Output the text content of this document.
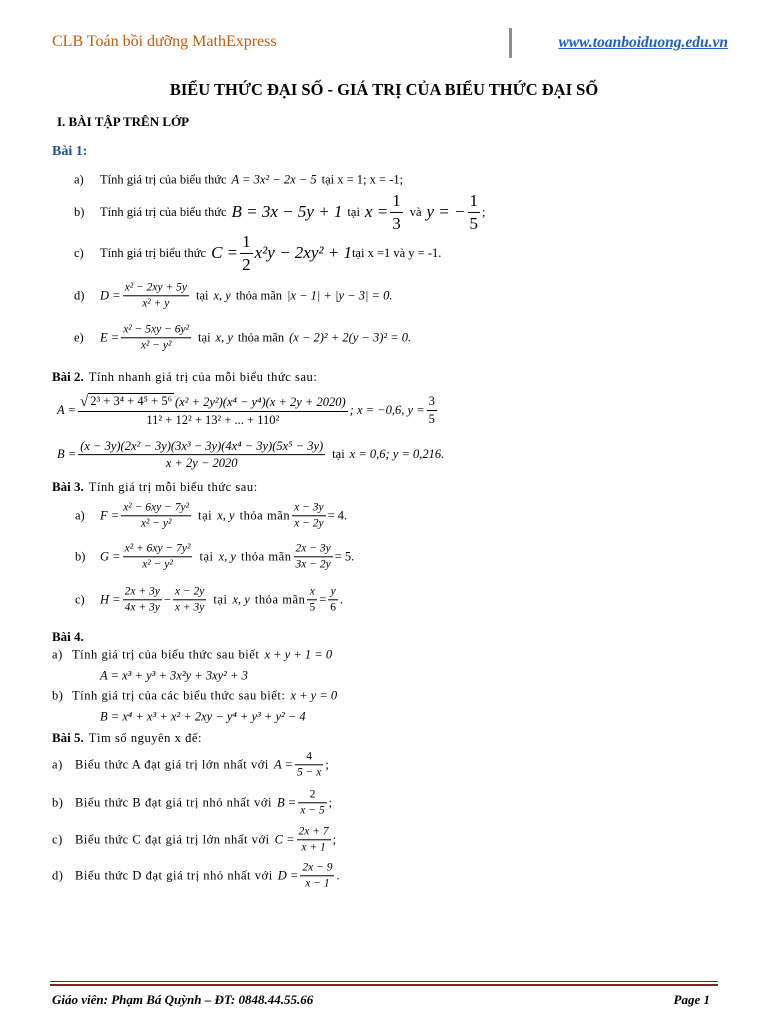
CLB Toán bồi dưỡng MathExpress	www.toanboiduong.edu.vn
BIỂU THỨC ĐẠI SỐ - GIÁ TRỊ CỦA BIỂU THỨC ĐẠI SỐ
I. BÀI TẬP TRÊN LỚP
Bài 1:
a)	Tính giá trị của biểu thức A = 3x² − 2x − 5 tại x = 1; x = -1;
b)	Tính giá trị của biểu thức B = 3x − 5y + 1 tại $x = \frac{1}{3}$ và y = − $\frac{1}{5}$ ;
c)	Tính giá trị biểu thức $C = \frac{1}{2} x^2y - 2xy^2 + 1$ tại x =1 và y = -1.
d)	$D = \frac{\text{x² − 2xy + 5y}}{\text{x² + y}}$ tại x, y thỏa mãn |x − 1| + |y − 3| = 0.
e)	$E = \frac{\text{x² − 5xy − 6y²}}{\text{x² − y²}}$ tại x, y thỏa mãn (x − 2)² + 2(y − 3)² = 0.
Bài 2. Tính nhanh giá trị của mỗi biểu thức sau:
A = √ 2³ + 3⁴ + 4⁵ + 5⁶ (x² + 2y²)(x⁴ − y⁴)(x + 2y + 2020)
11² + 12² + 13² + ... + 110²
; x = −0,6, $y = \frac{3}{5}$
$B = \frac{\text{(x − 3y)(2x² − 3y)(3x³ − 3y)(4x⁴ − 3y)(5x⁵ − 3y)}}{x + 2y - 2020}$ tại x = 0,6; y = 0,216.
Bài 3. Tính giá trị mỗi biểu thức sau:
a)	$F = \frac{\text{x² − 6xy − 7y²}}{\text{x² − y²}}$ tại x, y thỏa mãn $\frac{x - 3y}{x - 2y} = 4$.
b)	$G = \frac{\text{x² + 6xy − 7y²}}{\text{x² − y²}}$ tại x, y thỏa mãn $\frac{2x - 3y}{3x - 2y} = 5$.
c)	$H = \frac{2x + 3y}{4x + 3y} - \frac{x - 2y}{x + 3y}$ tại x, y thỏa mãn $\frac{x}{5} = \frac{y}{6}$ .
Bài 4.
a) Tính giá trị của biểu thức sau biết x + y + 1 = 0
A = x³ + y³ + 3x²y + 3xy² + 3
b) Tính giá trị của các biểu thức sau biết: x + y = 0
B = x⁴ + x³ + x² + 2xy − y⁴ + y³ + y² − 4
Bài 5. Tìm số nguyên x để:
a) Biểu thức A đạt giá trị lớn nhất với $A = \frac{4}{5 - x}$ ;
b) Biểu thức B đạt giá trị nhỏ nhất với $B = \frac{2}{x - 5}$ ;
c) Biểu thức C đạt giá trị lớn nhất với $C = \frac{2x + 7}{x + 1}$ ;
d) Biểu thức D đạt giá trị nhỏ nhất với $D = \frac{2x - 9}{x - 1}$ .
Giáo viên: Phạm Bá Quỳnh – ĐT: 0848.44.55.66	Page 1
